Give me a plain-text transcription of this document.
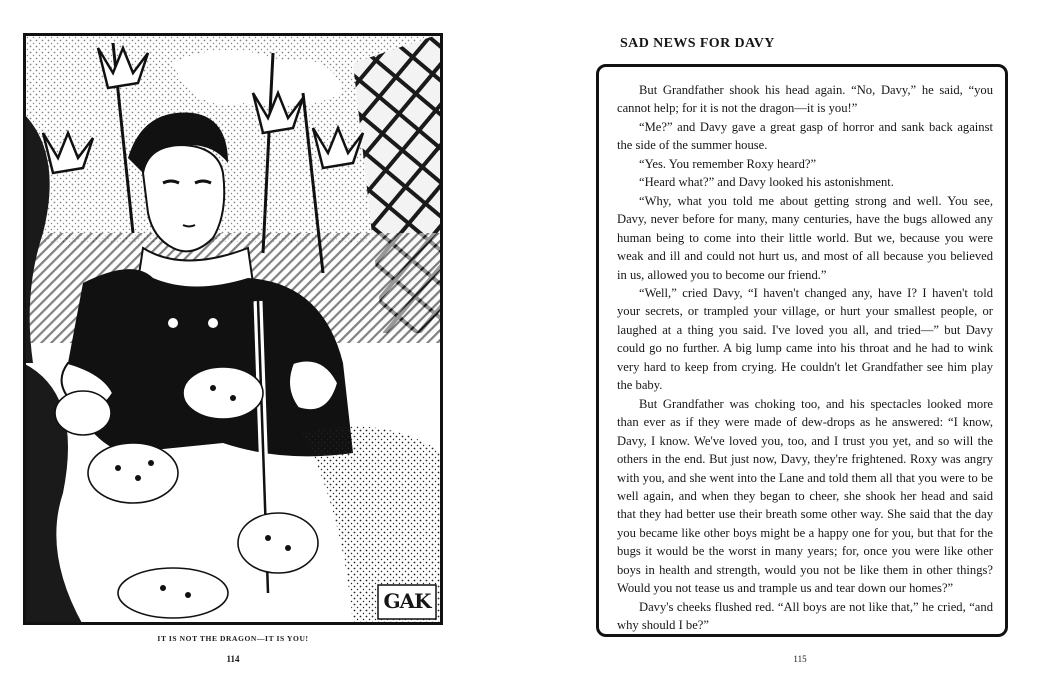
GAK
IT IS NOT THE DRAGON—IT IS YOU!
114
SAD NEWS FOR DAVY

But Grandfather shook his head again. “No, Davy,” he said, “you cannot help; for it is not the dragon—it is you!”

“Me?” and Davy gave a great gasp of horror and sank back against the side of the summer house.

“Yes. You remember Roxy heard?”

“Heard what?” and Davy looked his astonishment.

“Why, what you told me about getting strong and well. You see, Davy, never before for many, many centuries, have the bugs allowed any human being to come into their little world. But we, because you were weak and ill and could not hurt us, and most of all because you believed in us, allowed you to become our friend.”

“Well,” cried Davy, “I haven't changed any, have I? I haven't told your secrets, or trampled your village, or hurt your smallest people, or laughed at a thing you said. I've loved you all, and tried—” but Davy could go no further. A big lump came into his throat and he had to wink very hard to keep from crying. He couldn't let Grandfather see him play the baby.

But Grandfather was choking too, and his spectacles looked more than ever as if they were made of dew-drops as he answered: “I know, Davy, I know. We've loved you, too, and I trust you yet, and so will the others in the end. But just now, Davy, they're frightened. Roxy was angry with you, and she went into the Lane and told them all that you were to be well again, and when they began to cheer, she shook her head and said that they had better use their breath some other way. She said that the day you became like other boys might be a happy one for you, but that for the bugs it would be the worst in many years; for, once you were like other boys in health and strength, would you not be like them in other things? Would you not tease us and trample us and tear down our homes?”

Davy's cheeks flushed red. “All boys are not like that,” he cried, “and why should I be?”

115
